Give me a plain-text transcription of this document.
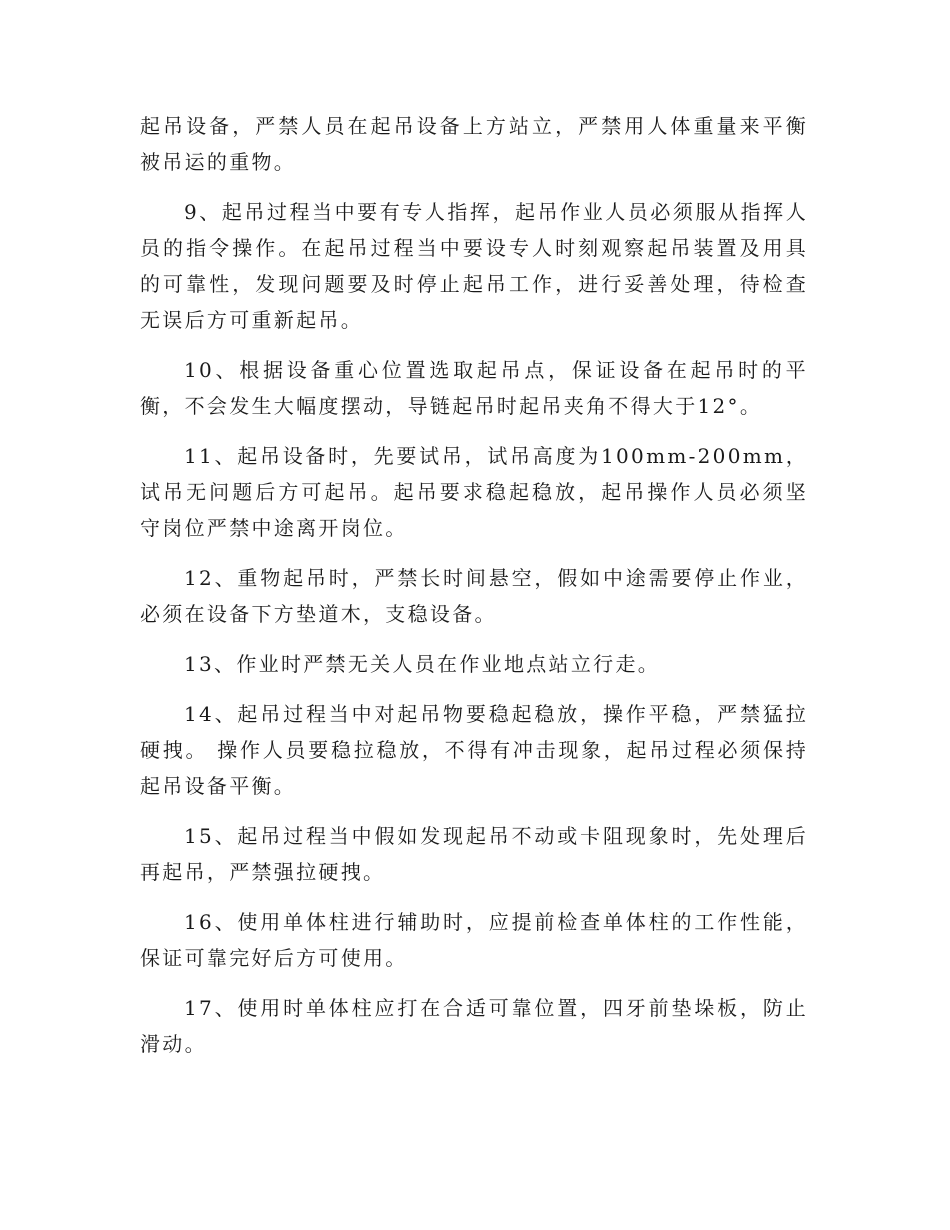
起吊设备，严禁人员在起吊设备上方站立，严禁用人体重量来平衡被吊运的重物。

9、起吊过程当中要有专人指挥，起吊作业人员必须服从指挥人员的指令操作。在起吊过程当中要设专人时刻观察起吊装置及用具的可靠性，发现问题要及时停止起吊工作，进行妥善处理，待检查无误后方可重新起吊。

10、根据设备重心位置选取起吊点，保证设备在起吊时的平衡，不会发生大幅度摆动，导链起吊时起吊夹角不得大于12°。

11、起吊设备时，先要试吊，试吊高度为100mm-200mm，试吊无问题后方可起吊。起吊要求稳起稳放，起吊操作人员必须坚守岗位严禁中途离开岗位。

12、重物起吊时，严禁长时间悬空，假如中途需要停止作业，必须在设备下方垫道木，支稳设备。

13、作业时严禁无关人员在作业地点站立行走。

14、起吊过程当中对起吊物要稳起稳放，操作平稳，严禁猛拉硬拽。 操作人员要稳拉稳放，不得有冲击现象，起吊过程必须保持起吊设备平衡。

15、起吊过程当中假如发现起吊不动或卡阻现象时，先处理后再起吊，严禁强拉硬拽。

16、使用单体柱进行辅助时，应提前检查单体柱的工作性能，保证可靠完好后方可使用。

17、使用时单体柱应打在合适可靠位置，四牙前垫垛板，防止滑动。
